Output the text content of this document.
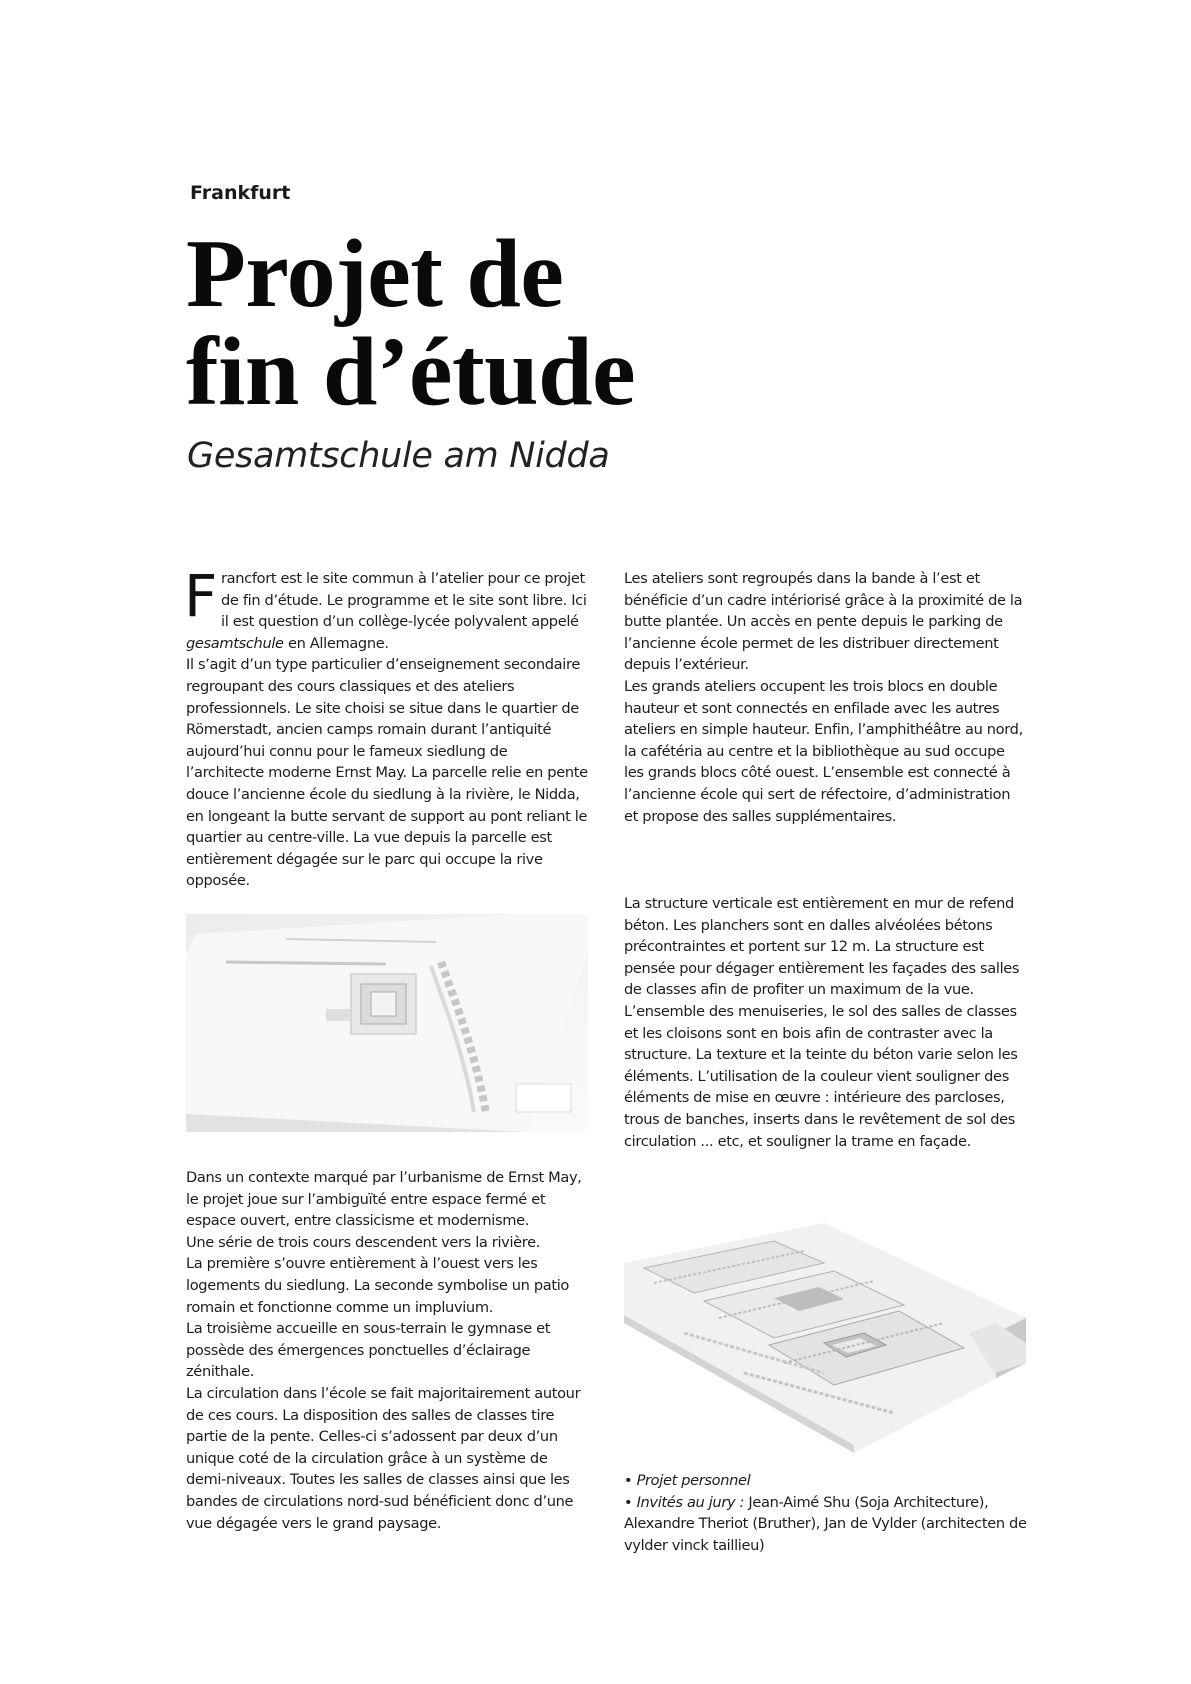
Frankfurt
Projet de
fin d’étude
Gesamtschule am Nidda

Francfort est le site commun à l’atelier pour ce projet de fin d’étude. Le programme et le site sont libre. Ici il est question d’un collège-lycée polyvalent appelé gesamtschule en Allemagne.

Il s’agit d’un type particulier d’enseignement secondaire regroupant des cours classiques et des ateliers professionnels. Le site choisi se situe dans le quartier de Römerstadt, ancien camps romain durant l’antiquité aujourd’hui connu pour le fameux siedlung de l’architecte moderne Ernst May. La parcelle relie en pente douce l’ancienne école du siedlung à la rivière, le Nidda, en longeant la butte servant de support au pont reliant le quartier au centre-ville. La vue depuis la parcelle est entièrement dégagée sur le parc qui occupe la rive opposée.

Dans un contexte marqué par l’urbanisme de Ernst May, le projet joue sur l’ambiguïté entre espace fermé et espace ouvert, entre classicisme et modernisme.

Une série de trois cours descendent vers la rivière.

La première s’ouvre entièrement à l’ouest vers les logements du siedlung. La seconde symbolise un patio romain et fonctionne comme un impluvium.

La troisième accueille en sous-terrain le gymnase et possède des émergences ponctuelles d’éclairage zénithale.

La circulation dans l’école se fait majoritairement autour de ces cours. La disposition des salles de classes tire partie de la pente. Celles-ci s’adossent par deux d’un unique coté de la circulation grâce à un système de demi-niveaux. Toutes les salles de classes ainsi que les bandes de circulations nord-sud bénéficient donc d’une vue dégagée vers le grand paysage.

Les ateliers sont regroupés dans la bande à l’est et bénéficie d’un cadre intériorisé grâce à la proximité de la butte plantée. Un accès en pente depuis le parking de l’ancienne école permet de les distribuer directement depuis l’extérieur.

Les grands ateliers occupent les trois blocs en double hauteur et sont connectés en enfilade avec les autres ateliers en simple hauteur. Enfin, l’amphithéâtre au nord, la cafétéria au centre et la bibliothèque au sud occupe les grands blocs côté ouest. L’ensemble est connecté à l’ancienne école qui sert de réfectoire, d’administration et propose des salles supplémentaires.

La structure verticale est entièrement en mur de refend béton. Les planchers sont en dalles alvéolées bétons précontraintes et portent sur 12 m. La structure est pensée pour dégager entièrement les façades des salles de classes afin de profiter un maximum de la vue. L’ensemble des menuiseries, le sol des salles de classes et les cloisons sont en bois afin de contraster avec la structure. La texture et la teinte du béton varie selon les éléments. L’utilisation de la couleur vient souligner des éléments de mise en œuvre : intérieure des parcloses, trous de banches, inserts dans le revêtement de sol des circulation ... etc, et souligner la trame en façade.

• Projet personnel

• Invités au jury : Jean-Aimé Shu (Soja Architecture), Alexandre Theriot (Bruther), Jan de Vylder (architecten de vylder vinck taillieu)
